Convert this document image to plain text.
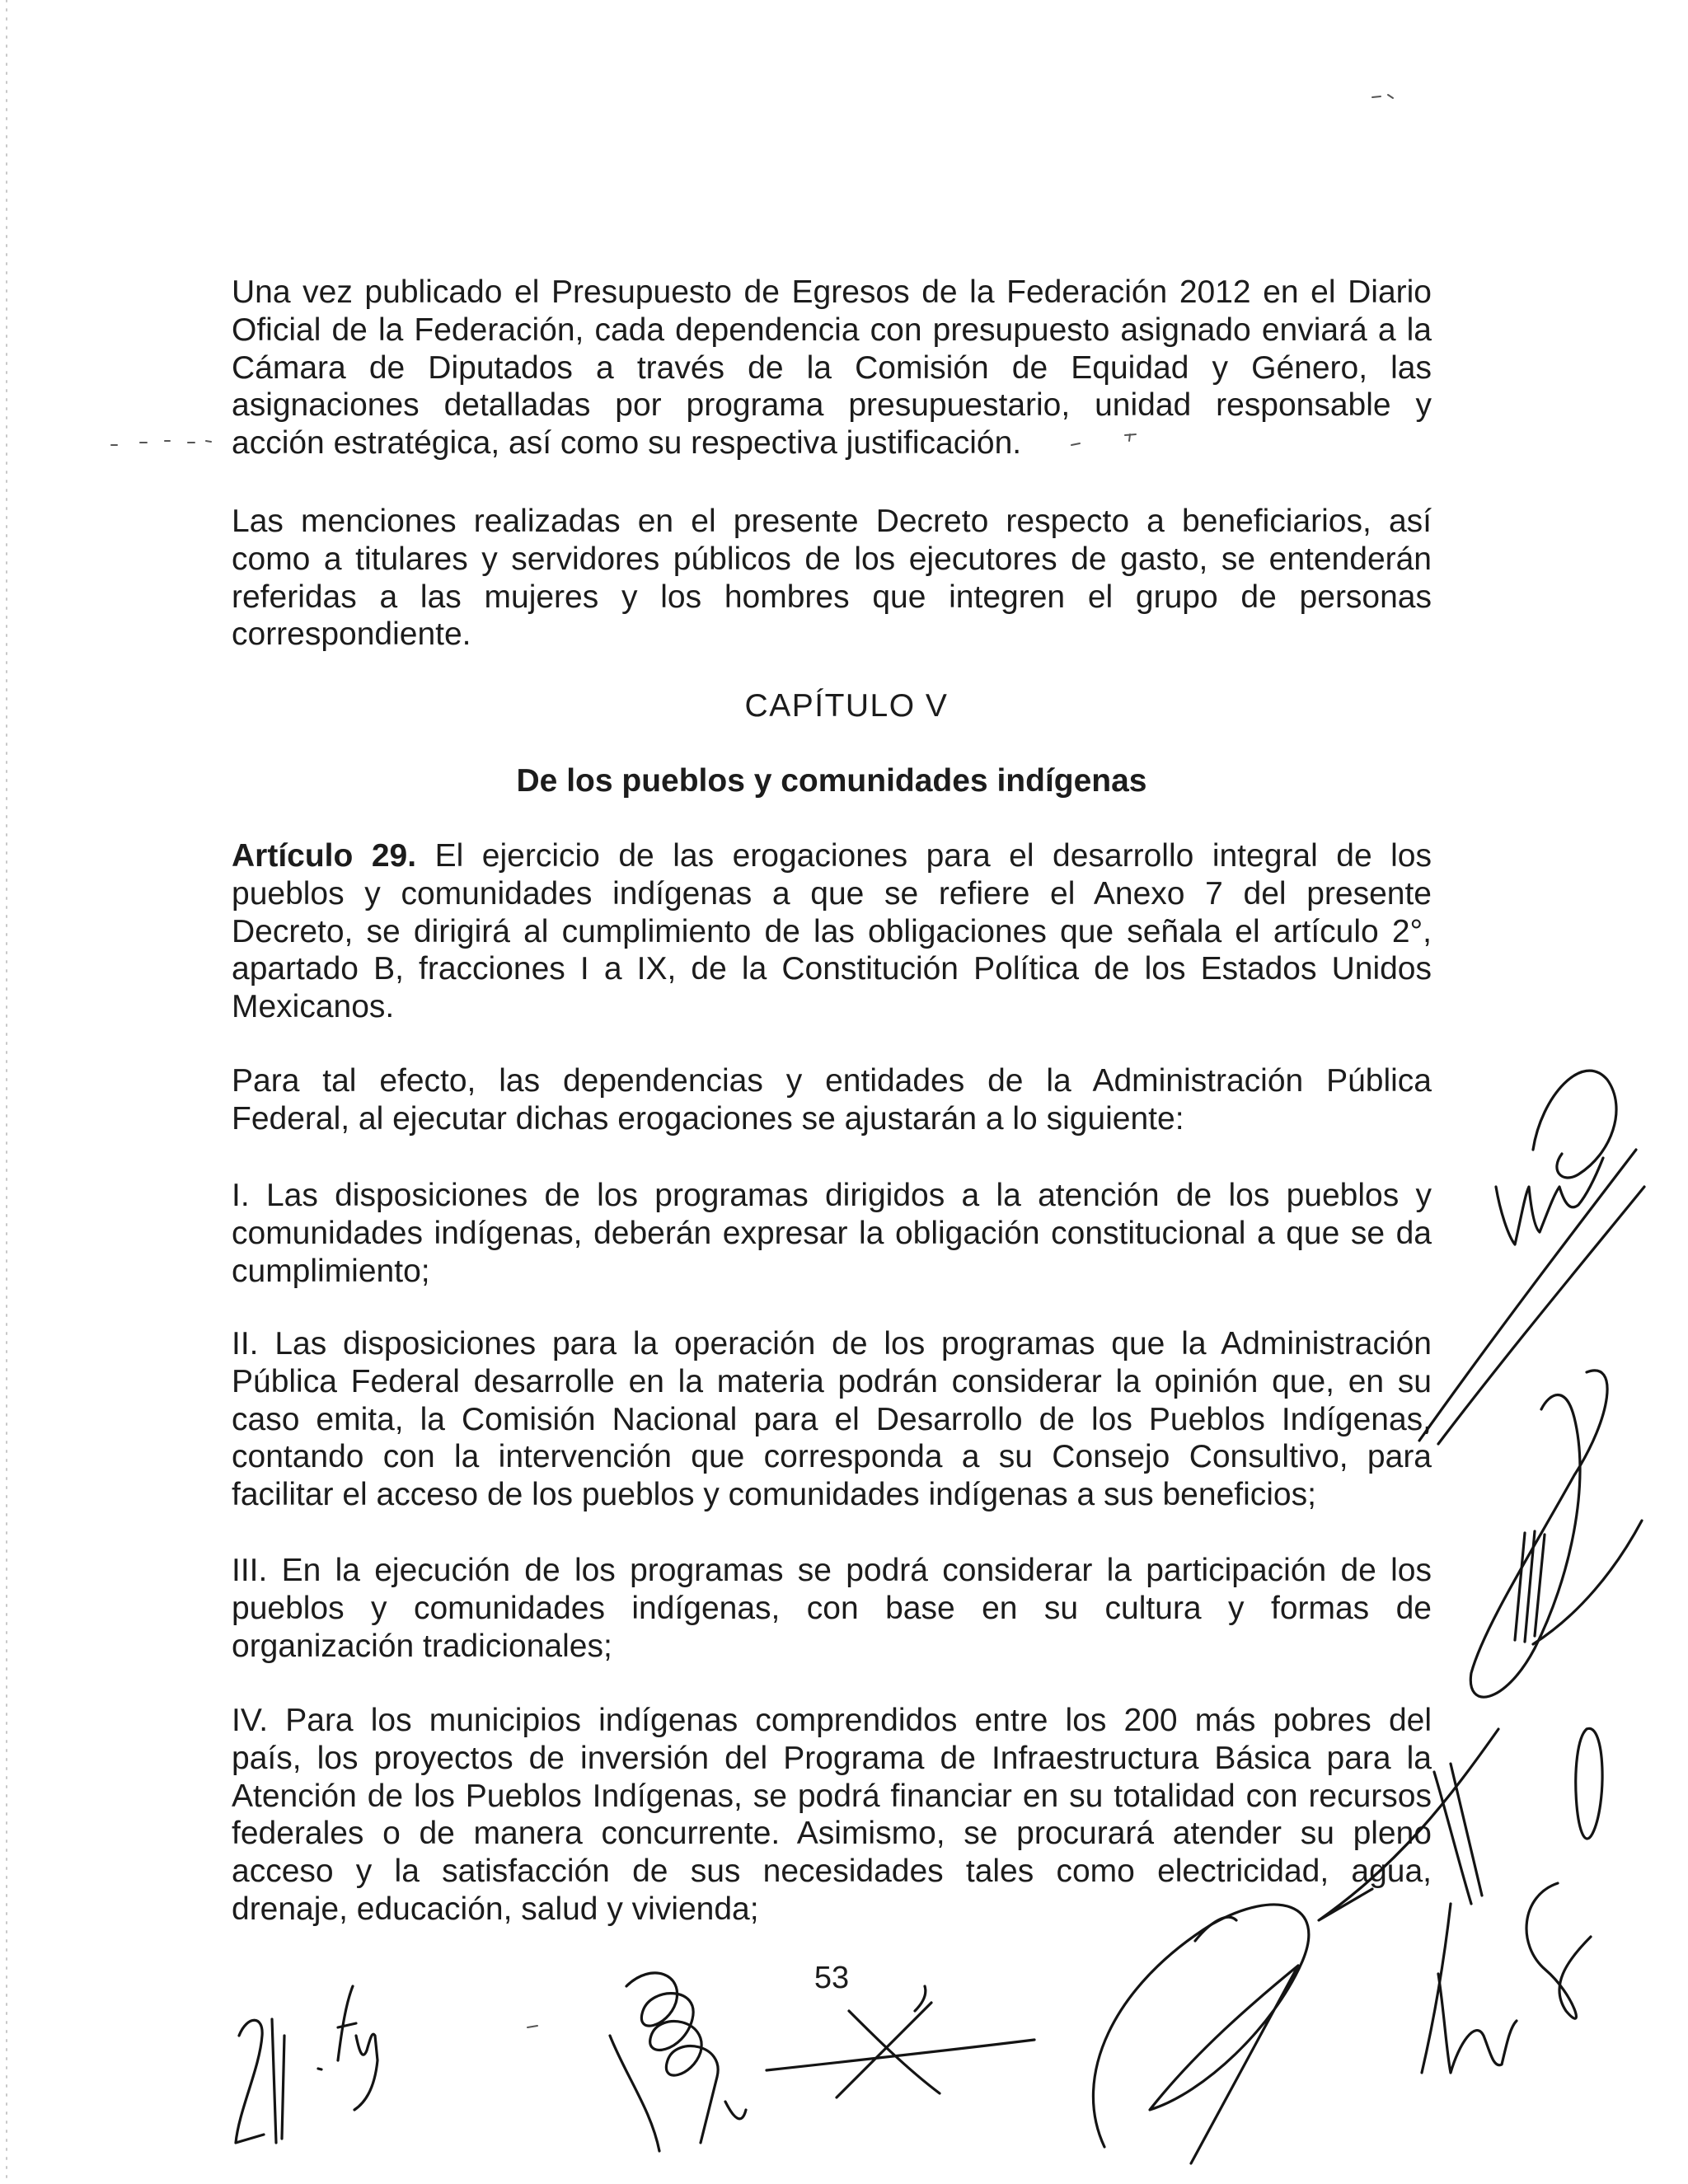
Una vez publicado el Presupuesto de Egresos de la Federación 2012 en el Diario
Oficial de la Federación, cada dependencia con presupuesto asignado enviará a la
Cámara de Diputados a través de la Comisión de Equidad y Género, las
asignaciones detalladas por programa presupuestario, unidad responsable y
acción estratégica, así como su respectiva justificación.
Las menciones realizadas en el presente Decreto respecto a beneficiarios, así
como a titulares y servidores públicos de los ejecutores de gasto, se entenderán
referidas a las mujeres y los hombres que integren el grupo de personas
correspondiente.
CAPÍTULO V
De los pueblos y comunidades indígenas
Artículo 29. El ejercicio de las erogaciones para el desarrollo integral de los
pueblos y comunidades indígenas a que se refiere el Anexo 7 del presente
Decreto, se dirigirá al cumplimiento de las obligaciones que señala el artículo 2°,
apartado B, fracciones I a IX, de la Constitución Política de los Estados Unidos
Mexicanos.
Para tal efecto, las dependencias y entidades de la Administración Pública
Federal, al ejecutar dichas erogaciones se ajustarán a lo siguiente:
I. Las disposiciones de los programas dirigidos a la atención de los pueblos y
comunidades indígenas, deberán expresar la obligación constitucional a que se da
cumplimiento;
II. Las disposiciones para la operación de los programas que la Administración
Pública Federal desarrolle en la materia podrán considerar la opinión que, en su
caso emita, la Comisión Nacional para el Desarrollo de los Pueblos Indígenas,
contando con la intervención que corresponda a su Consejo Consultivo, para
facilitar el acceso de los pueblos y comunidades indígenas a sus beneficios;
III. En la ejecución de los programas se podrá considerar la participación de los
pueblos y comunidades indígenas, con base en su cultura y formas de
organización tradicionales;
IV. Para los municipios indígenas comprendidos entre los 200 más pobres del
país, los proyectos de inversión del Programa de Infraestructura Básica para la
Atención de los Pueblos Indígenas, se podrá financiar en su totalidad con recursos
federales o de manera concurrente. Asimismo, se procurará atender su pleno
acceso y la satisfacción de sus necesidades tales como electricidad, agua,
drenaje, educación, salud y vivienda;
53
